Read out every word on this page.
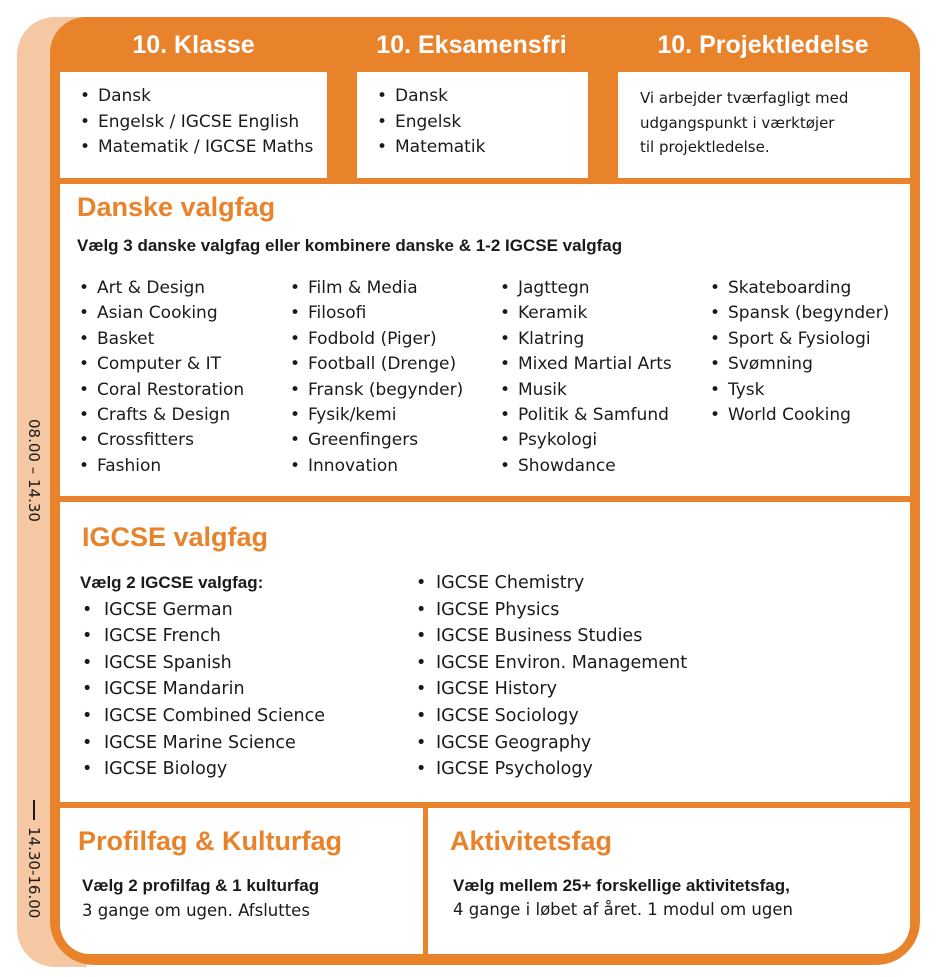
08.00 – 14.30
14.30-16.00
10. Klasse	10. Eksamensfri	10. Projektledelse
• Dansk
• Engelsk / IGCSE English
• Matematik / IGCSE Maths
• Dansk
• Engelsk
• Matematik
Vi arbejder tværfagligt med
udgangspunkt i værktøjer
til projektledelse.
Danske valgfag
Vælg 3 danske valgfag eller kombinere danske & 1-2 IGCSE valgfag
• Art & Design
• Asian Cooking
• Basket
• Computer & IT
• Coral Restoration
• Crafts & Design
• Crossfitters
• Fashion
• Film & Media
• Filosofi
• Fodbold (Piger)
• Football (Drenge)
• Fransk (begynder)
• Fysik/kemi
• Greenfingers
• Innovation
• Jagttegn
• Keramik
• Klatring
• Mixed Martial Arts
• Musik
• Politik & Samfund
• Psykologi
• Showdance
• Skateboarding
• Spansk (begynder)
• Sport & Fysiologi
• Svømning
• Tysk
• World Cooking
IGCSE valgfag
Vælg 2 IGCSE valgfag:
• IGCSE German
• IGCSE French
• IGCSE Spanish
• IGCSE Mandarin
• IGCSE Combined Science
• IGCSE Marine Science
• IGCSE Biology
• IGCSE Chemistry
• IGCSE Physics
• IGCSE Business Studies
• IGCSE Environ. Management
• IGCSE History
• IGCSE Sociology
• IGCSE Geography
• IGCSE Psychology
Profilfag & Kulturfag
Vælg 2 profilfag & 1 kulturfag
3 gange om ugen. Afsluttes
Aktivitetsfag
Vælg mellem 25+ forskellige aktivitetsfag,
4 gange i løbet af året. 1 modul om ugen
